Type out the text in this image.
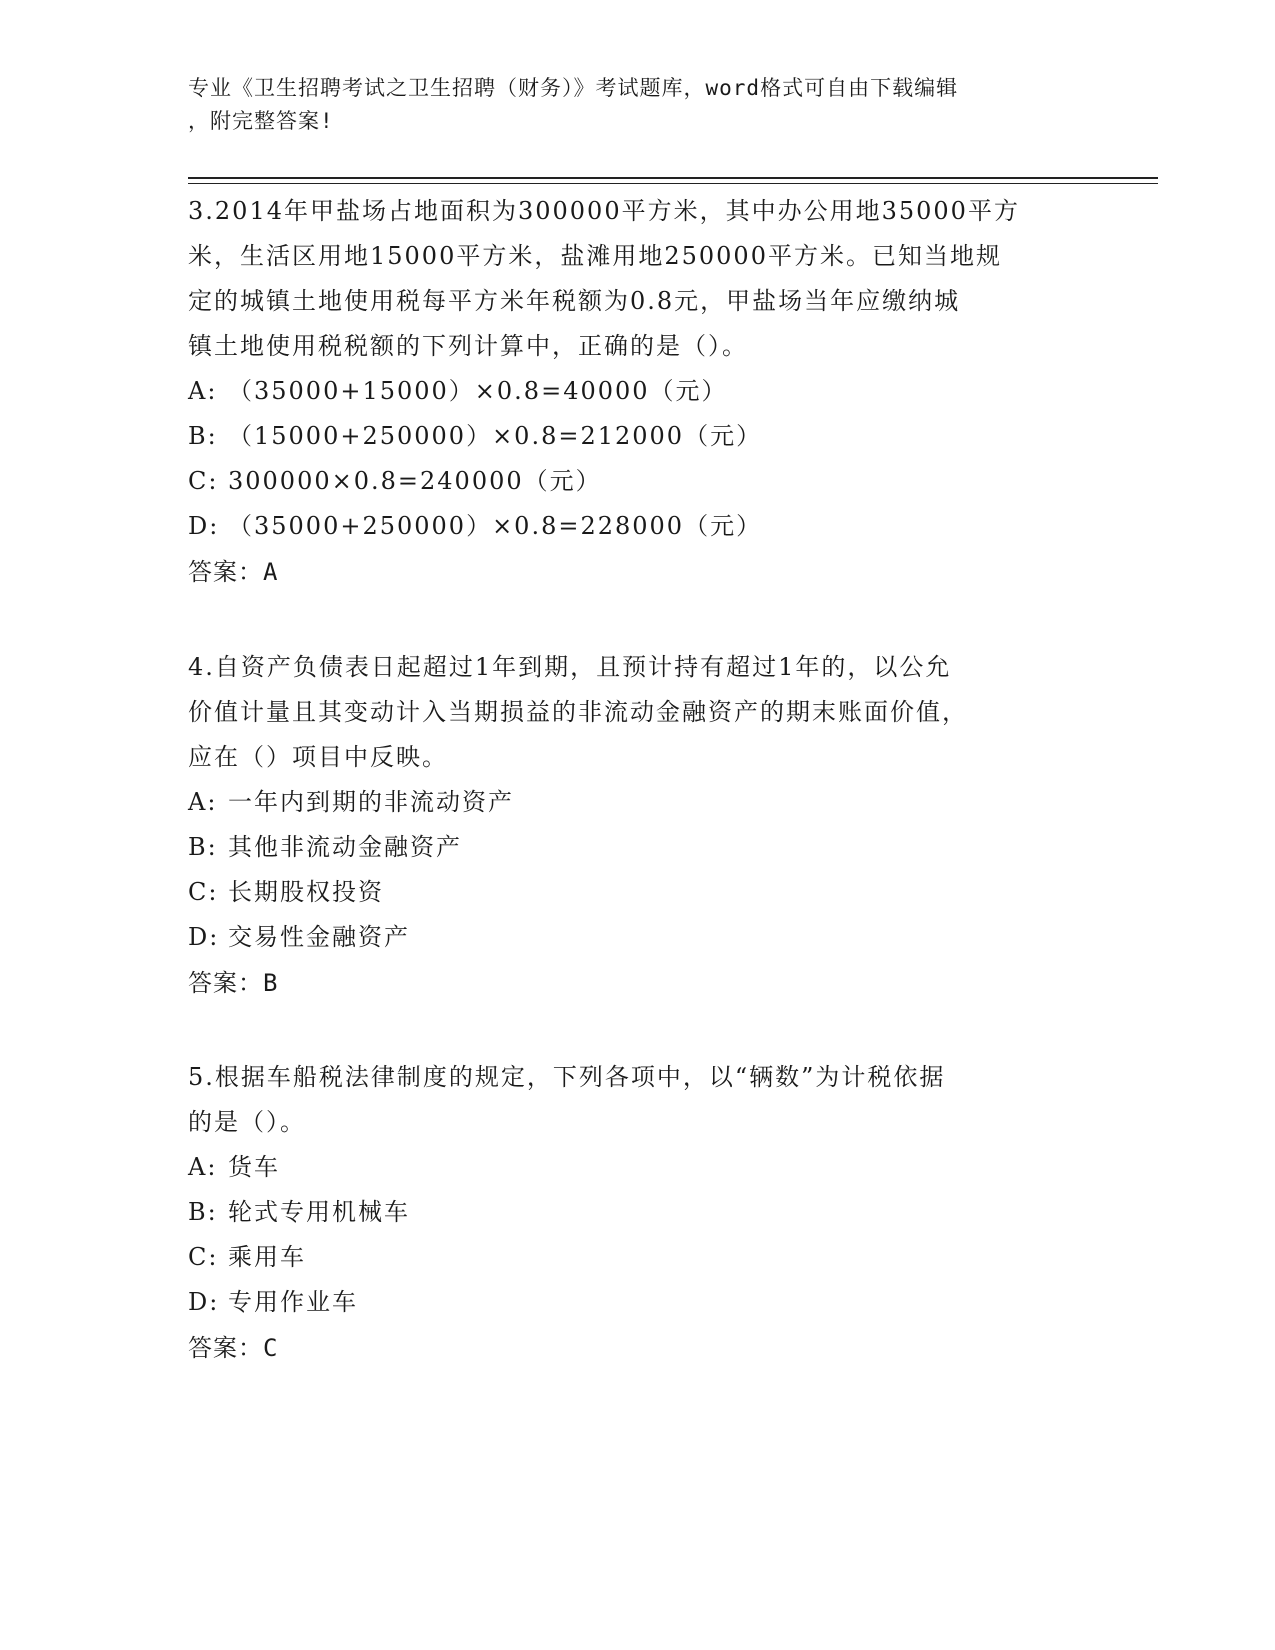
专业《卫生招聘考试之卫生招聘（财务）》考试题库，word格式可自由下载编辑
，附完整答案!
3.2014年甲盐场占地面积为300000平方米，其中办公用地35000平方
米，生活区用地15000平方米，盐滩用地250000平方米。已知当地规
定的城镇土地使用税每平方米年税额为0.8元，甲盐场当年应缴纳城
镇土地使用税税额的下列计算中，正确的是（）。
A: （35000+15000）×0.8=40000（元）
B: （15000+250000）×0.8=212000（元）
C: 300000×0.8=240000（元）
D: （35000+250000）×0.8=228000（元）
答案：A
4.自资产负债表日起超过1年到期，且预计持有超过1年的，以公允
价值计量且其变动计入当期损益的非流动金融资产的期末账面价值，
应在（）项目中反映。
A: 一年内到期的非流动资产
B: 其他非流动金融资产
C: 长期股权投资
D: 交易性金融资产
答案：B
5.根据车船税法律制度的规定，下列各项中，以“辆数”为计税依据
的是（）。
A: 货车
B: 轮式专用机械车
C: 乘用车
D: 专用作业车
答案：C
